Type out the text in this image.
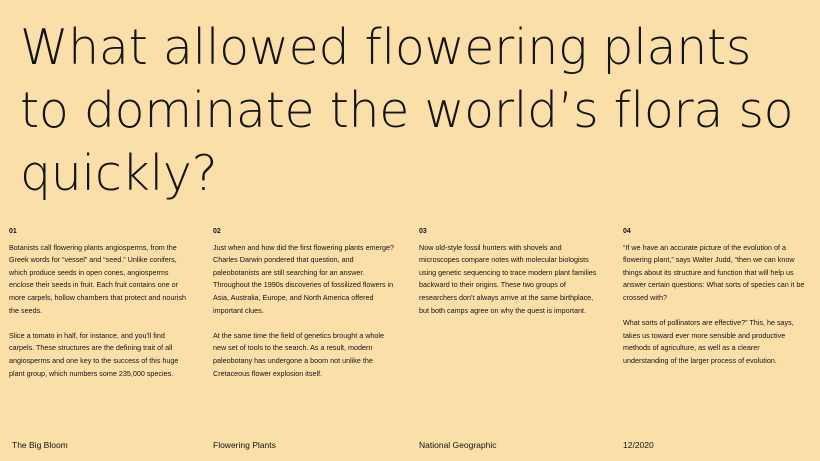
What allowed flowering plants to dominate the world’s flora so quickly?
01

Botanists call flowering plants angiosperms, from the Greek words for “vessel” and “seed.” Unlike conifers, which produce seeds in open cones, angiosperms enclose their seeds in fruit. Each fruit contains one or more carpels, hollow chambers that protect and nourish the seeds.

Slice a tomato in half, for instance, and you’ll find carpels. These structures are the defining trait of all angiosperms and one key to the success of this huge plant group, which numbers some 235,000 species.

02

Just when and how did the first flowering plants emerge? Charles Darwin pondered that question, and paleobotanists are still searching for an answer. Throughout the 1990s discoveries of fossilized flowers in Asia, Australia, Europe, and North America offered important clues.

At the same time the field of genetics brought a whole new set of tools to the search. As a result, modern paleobotany has undergone a boom not unlike the Cretaceous flower explosion itself.

03

Now old-style fossil hunters with shovels and microscopes compare notes with molecular biologists using genetic sequencing to trace modern plant families backward to their origins. These two groups of researchers don’t always arrive at the same birthplace, but both camps agree on why the quest is important.

04

“If we have an accurate picture of the evolution of a flowering plant,” says Walter Judd, “then we can know things about its structure and function that will help us answer certain questions: What sorts of species can it be crossed with?

What sorts of pollinators are effective?” This, he says, takes us toward ever more sensible and productive methods of agriculture, as well as a clearer understanding of the larger process of evolution.

The Big Bloom	Flowering Plants	National Geographic	12/2020
